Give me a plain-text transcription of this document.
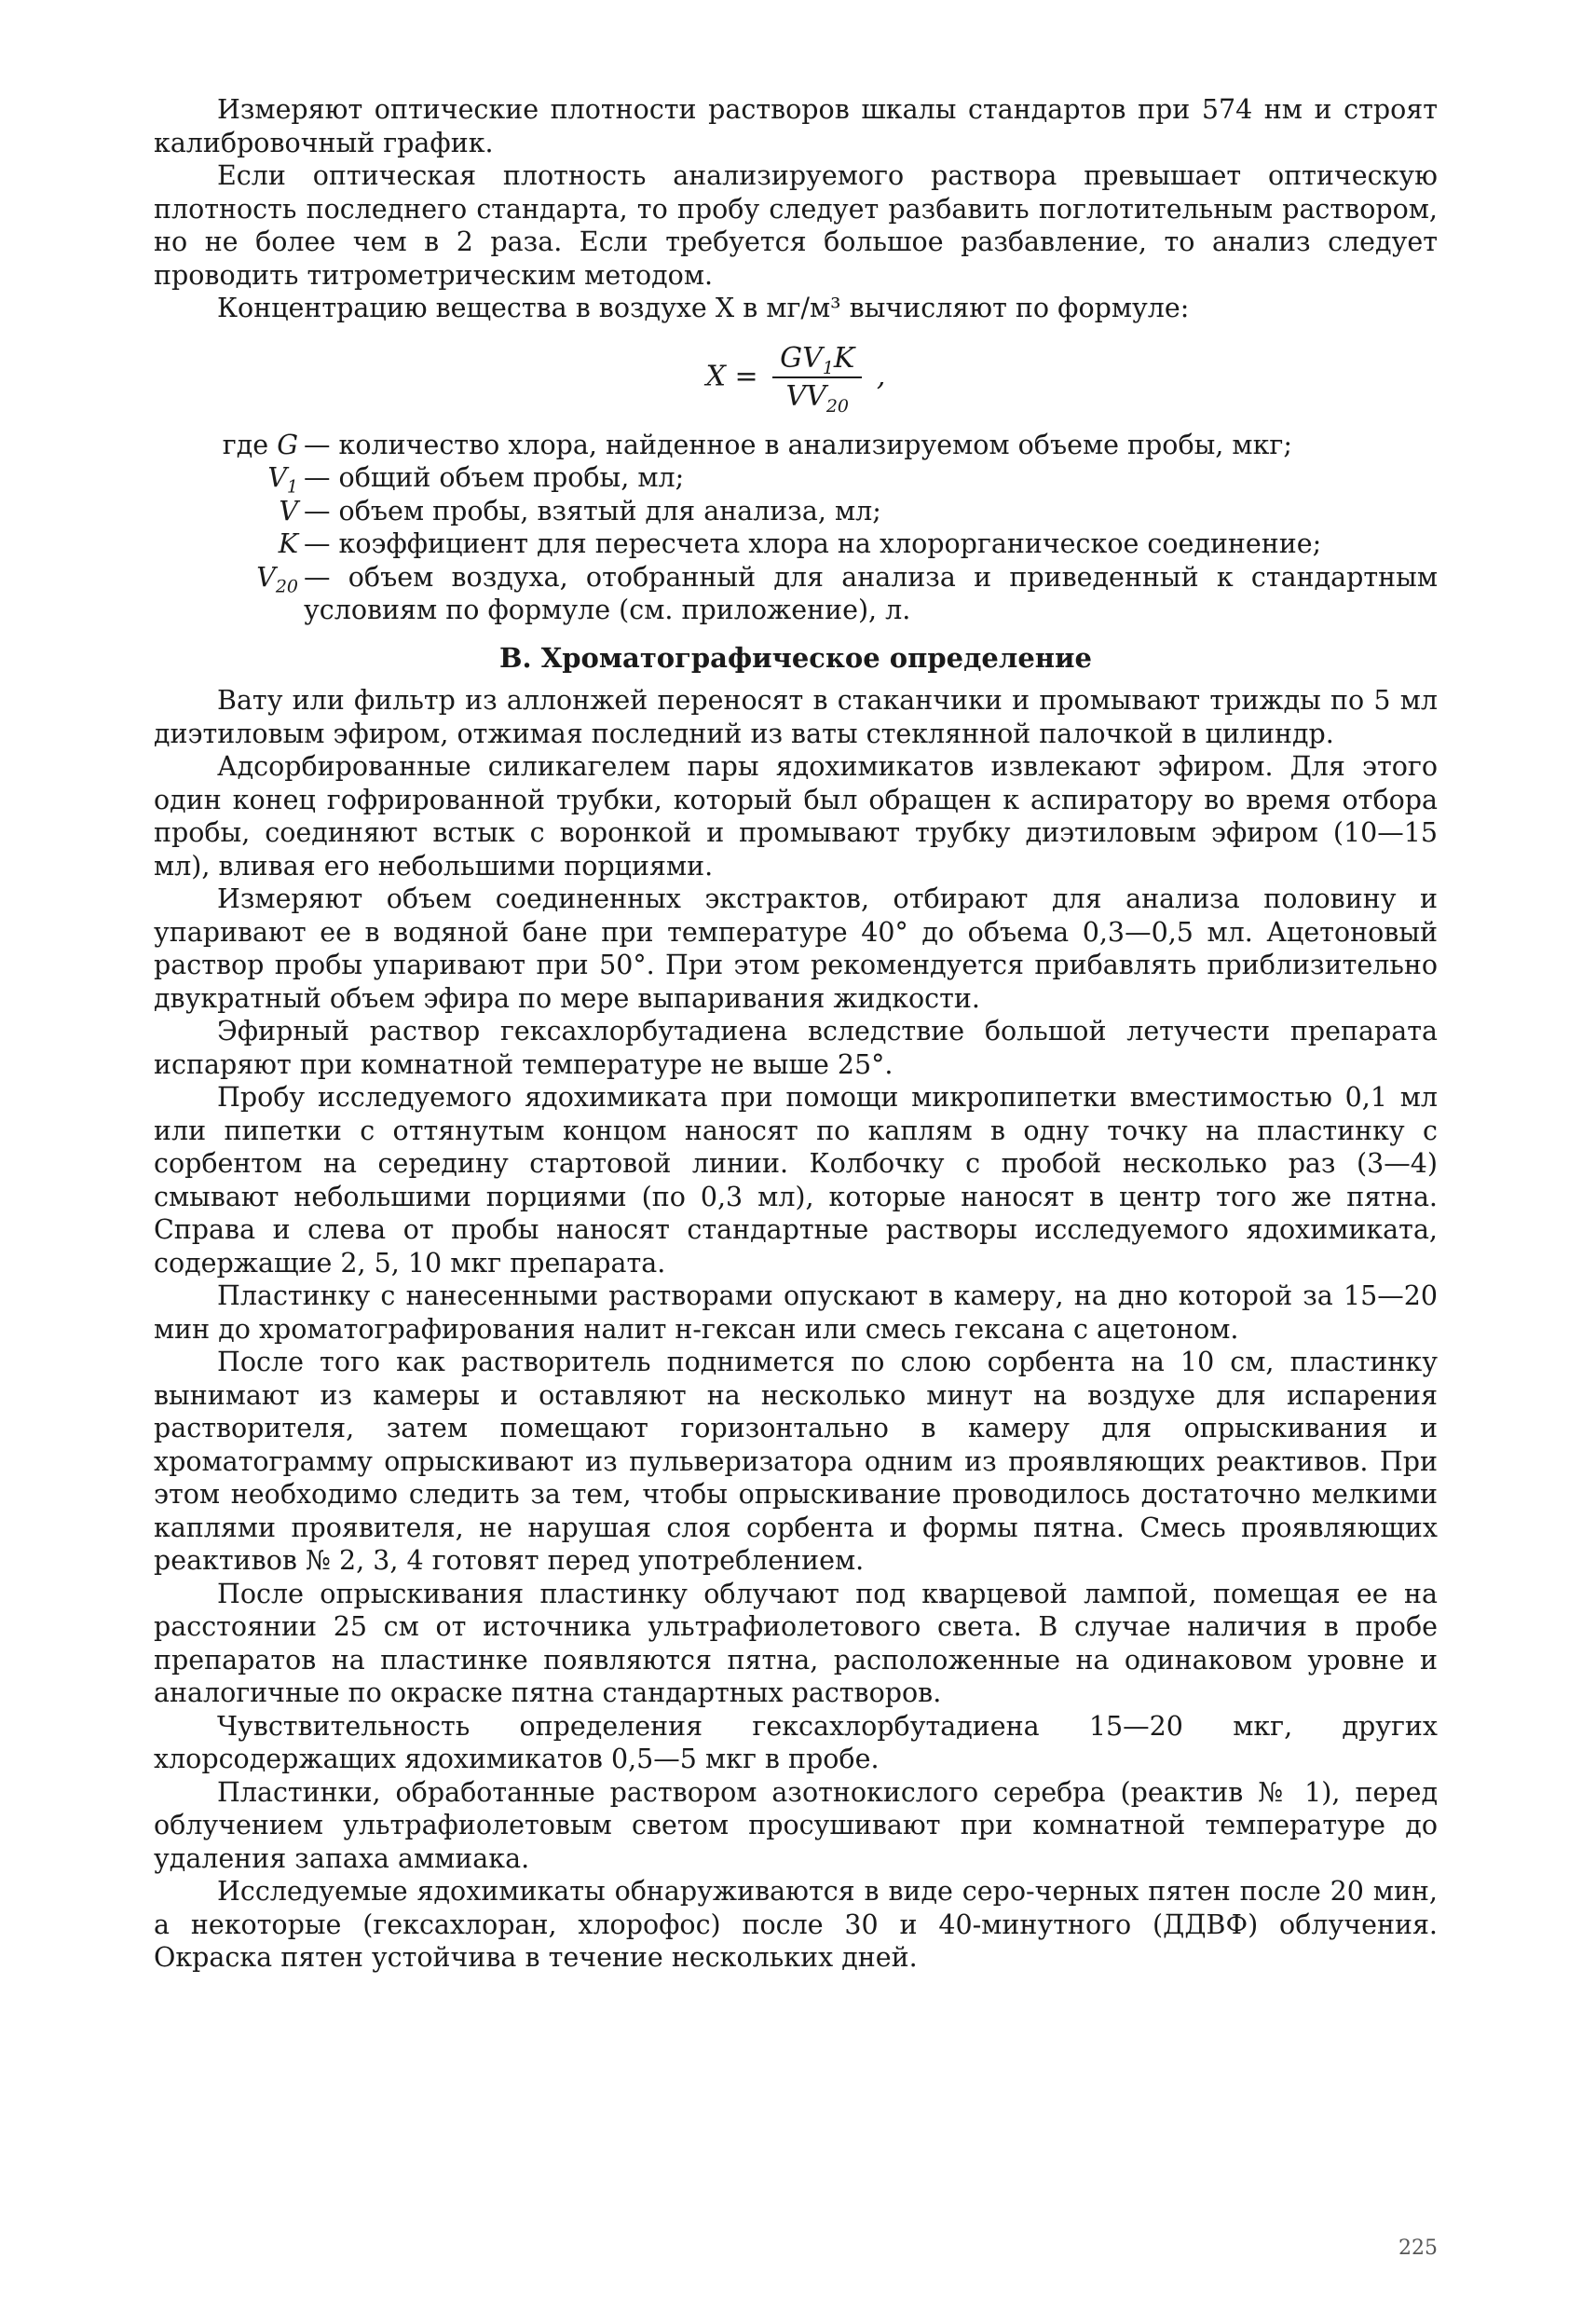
Измеряют оптические плотности растворов шкалы стандартов при 574 нм и строят калибровочный график.

Если оптическая плотность анализируемого раствора превышает оптическую плотность последнего стандарта, то пробу следует разбавить поглотительным раствором, но не более чем в 2 раза. Если требуется большое разбавление, то анализ следует проводить титрометрическим методом.

Концентрацию вещества в воздухе X в мг/м³ вычисляют по формуле:

$X = \frac{GV_1K}{VV_{20}}$ ,
где G — количество хлора, найденное в анализируемом объеме пробы, мкг;
$V_1$ — общий объем пробы, мл;
V — объем пробы, взятый для анализа, мл;
K — коэффициент для пересчета хлора на хлорорганическое соединение;
$V_{20}$ — объем воздуха, отобранный для анализа и приведенный к стандартным условиям по формуле (см. приложение), л.
В. Хроматографическое определение

Вату или фильтр из аллонжей переносят в стаканчики и промывают трижды по 5 мл диэтиловым эфиром, отжимая последний из ваты стеклянной палочкой в цилиндр.

Адсорбированные силикагелем пары ядохимикатов извлекают эфиром. Для этого один конец гофрированной трубки, который был обращен к аспиратору во время отбора пробы, соединяют встык с воронкой и промывают трубку диэтиловым эфиром (10—15 мл), вливая его небольшими порциями.

Измеряют объем соединенных экстрактов, отбирают для анализа половину и упаривают ее в водяной бане при температуре 40° до объема 0,3—0,5 мл. Ацетоновый раствор пробы упаривают при 50°. При этом рекомендуется прибавлять приблизительно двукратный объем эфира по мере выпаривания жидкости.

Эфирный раствор гексахлорбутадиена вследствие большой летучести препарата испаряют при комнатной температуре не выше 25°.

Пробу исследуемого ядохимиката при помощи микропипетки вместимостью 0,1 мл или пипетки с оттянутым концом наносят по каплям в одну точку на пластинку с сорбентом на середину стартовой линии. Колбочку с пробой несколько раз (3—4) смывают небольшими порциями (по 0,3 мл), которые наносят в центр того же пятна. Справа и слева от пробы наносят стандартные растворы исследуемого ядохимиката, содержащие 2, 5, 10 мкг препарата.

Пластинку с нанесенными растворами опускают в камеру, на дно которой за 15—20 мин до хроматографирования налит н-гексан или смесь гексана с ацетоном.

После того как растворитель поднимется по слою сорбента на 10 см, пластинку вынимают из камеры и оставляют на несколько минут на воздухе для испарения растворителя, затем помещают горизонтально в камеру для опрыскивания и хроматограмму опрыскивают из пульверизатора одним из проявляющих реактивов. При этом необходимо следить за тем, чтобы опрыскивание проводилось достаточно мелкими каплями проявителя, не нарушая слоя сорбента и формы пятна. Смесь проявляющих реактивов № 2, 3, 4 готовят перед употреблением.

После опрыскивания пластинку облучают под кварцевой лампой, помещая ее на расстоянии 25 см от источника ультрафиолетового света. В случае наличия в пробе препаратов на пластинке появляются пятна, расположенные на одинаковом уровне и аналогичные по окраске пятна стандартных растворов.

Чувствительность определения гексахлорбутадиена 15—20 мкг, других хлорсодержащих ядохимикатов 0,5—5 мкг в пробе.

Пластинки, обработанные раствором азотнокислого серебра (реактив № 1), перед облучением ультрафиолетовым светом просушивают при комнатной температуре до удаления запаха аммиака.

Исследуемые ядохимикаты обнаруживаются в виде серо-черных пятен после 20 мин, а некоторые (гексахлоран, хлорофос) после 30 и 40-минутного (ДДВФ) облучения. Окраска пятен устойчива в течение нескольких дней.

225
